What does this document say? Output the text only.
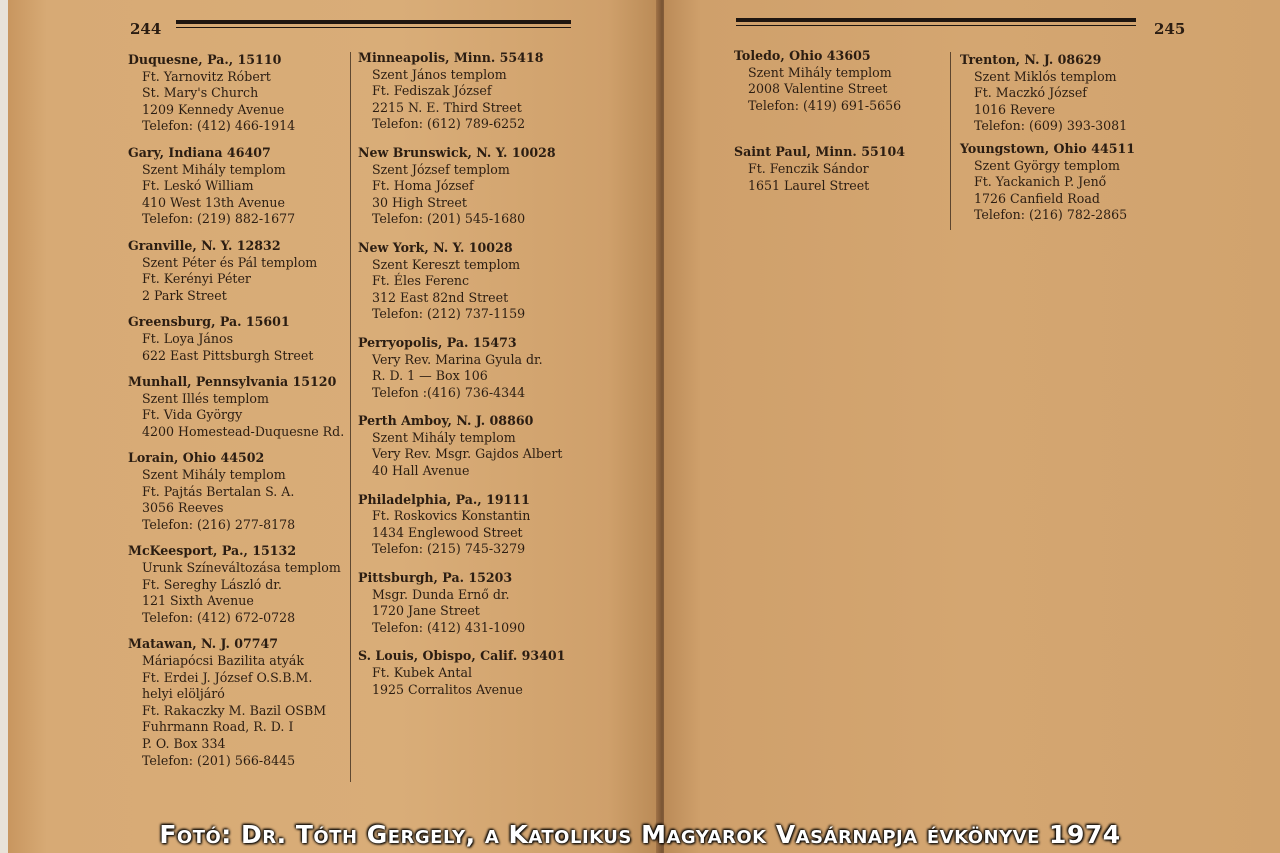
244
Duquesne, Pa., 15110
Ft. Yarnovitz Róbert
St. Mary's Church
1209 Kennedy Avenue
Telefon: (412) 466-1914
Gary, Indiana 46407
Szent Mihály templom
Ft. Leskó William
410 West 13th Avenue
Telefon: (219) 882-1677
Granville, N. Y. 12832
Szent Péter és Pál templom
Ft. Kerényi Péter
2 Park Street
Greensburg, Pa. 15601
Ft. Loya János
622 East Pittsburgh Street
Munhall, Pennsylvania 15120
Szent Illés templom
Ft. Vida György
4200 Homestead-Duquesne Rd.
Lorain, Ohio 44502
Szent Mihály templom
Ft. Pajtás Bertalan S. A.
3056 Reeves
Telefon: (216) 277-8178
McKeesport, Pa., 15132
Urunk Színeváltozása templom
Ft. Sereghy László dr.
121 Sixth Avenue
Telefon: (412) 672-0728
Matawan, N. J. 07747
Máriapócsi Bazilita atyák
Ft. Erdei J. József O.S.B.M.
helyi elöljáró
Ft. Rakaczky M. Bazil OSBM
Fuhrmann Road, R. D. I
P. O. Box 334
Telefon: (201) 566-8445
Minneapolis, Minn. 55418
Szent János templom
Ft. Fediszak József
2215 N. E. Third Street
Telefon: (612) 789-6252
New Brunswick, N. Y. 10028
Szent József templom
Ft. Homa József
30 High Street
Telefon: (201) 545-1680
New York, N. Y. 10028
Szent Kereszt templom
Ft. Éles Ferenc
312 East 82nd Street
Telefon: (212) 737-1159
Perryopolis, Pa. 15473
Very Rev. Marina Gyula dr.
R. D. 1 — Box 106
Telefon :(416) 736-4344
Perth Amboy, N. J. 08860
Szent Mihály templom
Very Rev. Msgr. Gajdos Albert
40 Hall Avenue
Philadelphia, Pa., 19111
Ft. Roskovics Konstantin
1434 Englewood Street
Telefon: (215) 745-3279
Pittsburgh, Pa. 15203
Msgr. Dunda Ernő dr.
1720 Jane Street
Telefon: (412) 431-1090
S. Louis, Obispo, Calif. 93401
Ft. Kubek Antal
1925 Corralitos Avenue
245
Toledo, Ohio 43605
Szent Mihály templom
2008 Valentine Street
Telefon: (419) 691-5656
Saint Paul, Minn. 55104
Ft. Fenczik Sándor
1651 Laurel Street
Trenton, N. J. 08629
Szent Miklós templom
Ft. Maczkó József
1016 Revere
Telefon: (609) 393-3081
Youngstown, Ohio 44511
Szent György templom
Ft. Yackanich P. Jenő
1726 Canfield Road
Telefon: (216) 782-2865
Fotó: Dr. Tóth Gergely, a Katolikus Magyarok Vasárnapja évkönyve 1974
